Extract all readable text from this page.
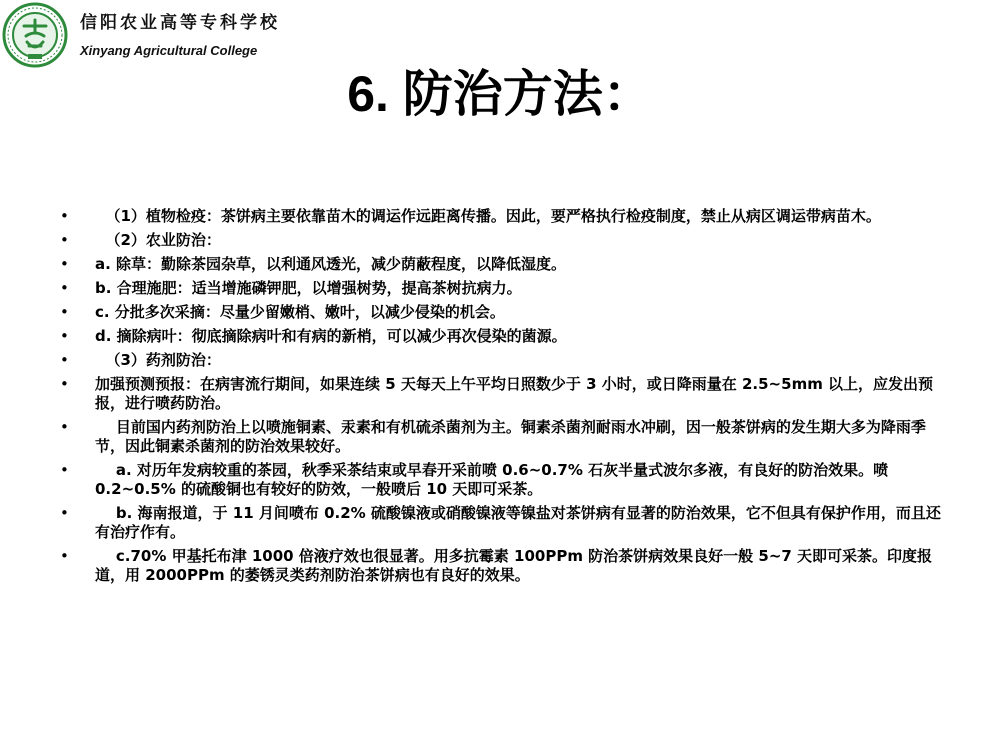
信阳农业高等专科学校
Xinyang Agricultural College
6. 防治方法：
• （1）植物检疫：茶饼病主要依靠苗木的调运作远距离传播。因此，要严格执行检疫制度，禁止从病区调运带病苗木。
• （2）农业防治：
• a. 除草：勤除茶园杂草，以利通风透光，减少荫蔽程度，以降低湿度。
• b. 合理施肥：适当增施磷钾肥，以增强树势，提高茶树抗病力。
• c. 分批多次采摘：尽量少留嫩梢、嫩叶，以减少侵染的机会。
• d. 摘除病叶：彻底摘除病叶和有病的新梢，可以减少再次侵染的菌源。
• （3）药剂防治：
• 加强预测预报：在病害流行期间，如果连续 5 天每天上午平均日照数少于 3 小时，或日降雨量在 2.5~5mm 以上，应发出预报，进行喷药防治。
• 目前国内药剂防治上以喷施铜素、汞素和有机硫杀菌剂为主。铜素杀菌剂耐雨水冲刷，因一般茶饼病的发生期大多为降雨季节，因此铜素杀菌剂的防治效果较好。
• a. 对历年发病较重的茶园，秋季采茶结束或早春开采前喷 0.6~0.7% 石灰半量式波尔多液，有良好的防治效果。喷 0.2~0.5% 的硫酸铜也有较好的防效，一般喷后 10 天即可采茶。
• b. 海南报道，于 11 月间喷布 0.2% 硫酸镍液或硝酸镍液等镍盐对茶饼病有显著的防治效果，它不但具有保护作用，而且还有治疗作有。
• c.70% 甲基托布津 1000 倍液疗效也很显著。用多抗霉素 100PPm 防治茶饼病效果良好一般 5~7 天即可采茶。印度报道，用 2000PPm 的萎锈灵类药剂防治茶饼病也有良好的效果。
